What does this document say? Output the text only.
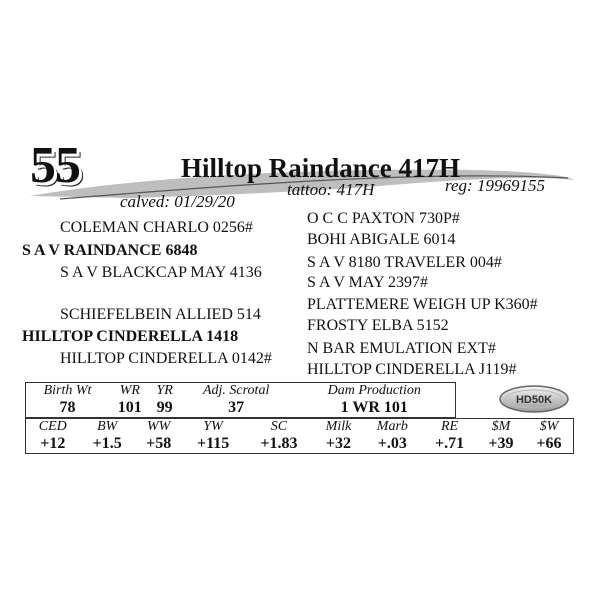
55	Hilltop Raindance 417H
tattoo: 417H	reg: 19969155
calved: 01/29/20
COLEMAN CHARLO 0256#
S A V RAINDANCE 6848
S A V BLACKCAP MAY 4136
SCHIEFELBEIN ALLIED 514
HILLTOP CINDERELLA 1418
HILLTOP CINDERELLA 0142#
O C C PAXTON 730P#
BOHI ABIGALE 6014
S A V 8180 TRAVELER 004#
S A V MAY 2397#
PLATTEMERE WEIGH UP K360#
FROSTY ELBA 5152
N BAR EMULATION EXT#
HILLTOP CINDERELLA J119#
Birth Wt	WR	YR	Adj. Scrotal	Dam Production
78	101	99	37	1 WR 101	HD50K
CED	BW	WW	YW	SC	Milk	Marb	RE	$M	$W
+12	+1.5	+58	+115	+1.83	+32	+.03	+.71	+39	+66
